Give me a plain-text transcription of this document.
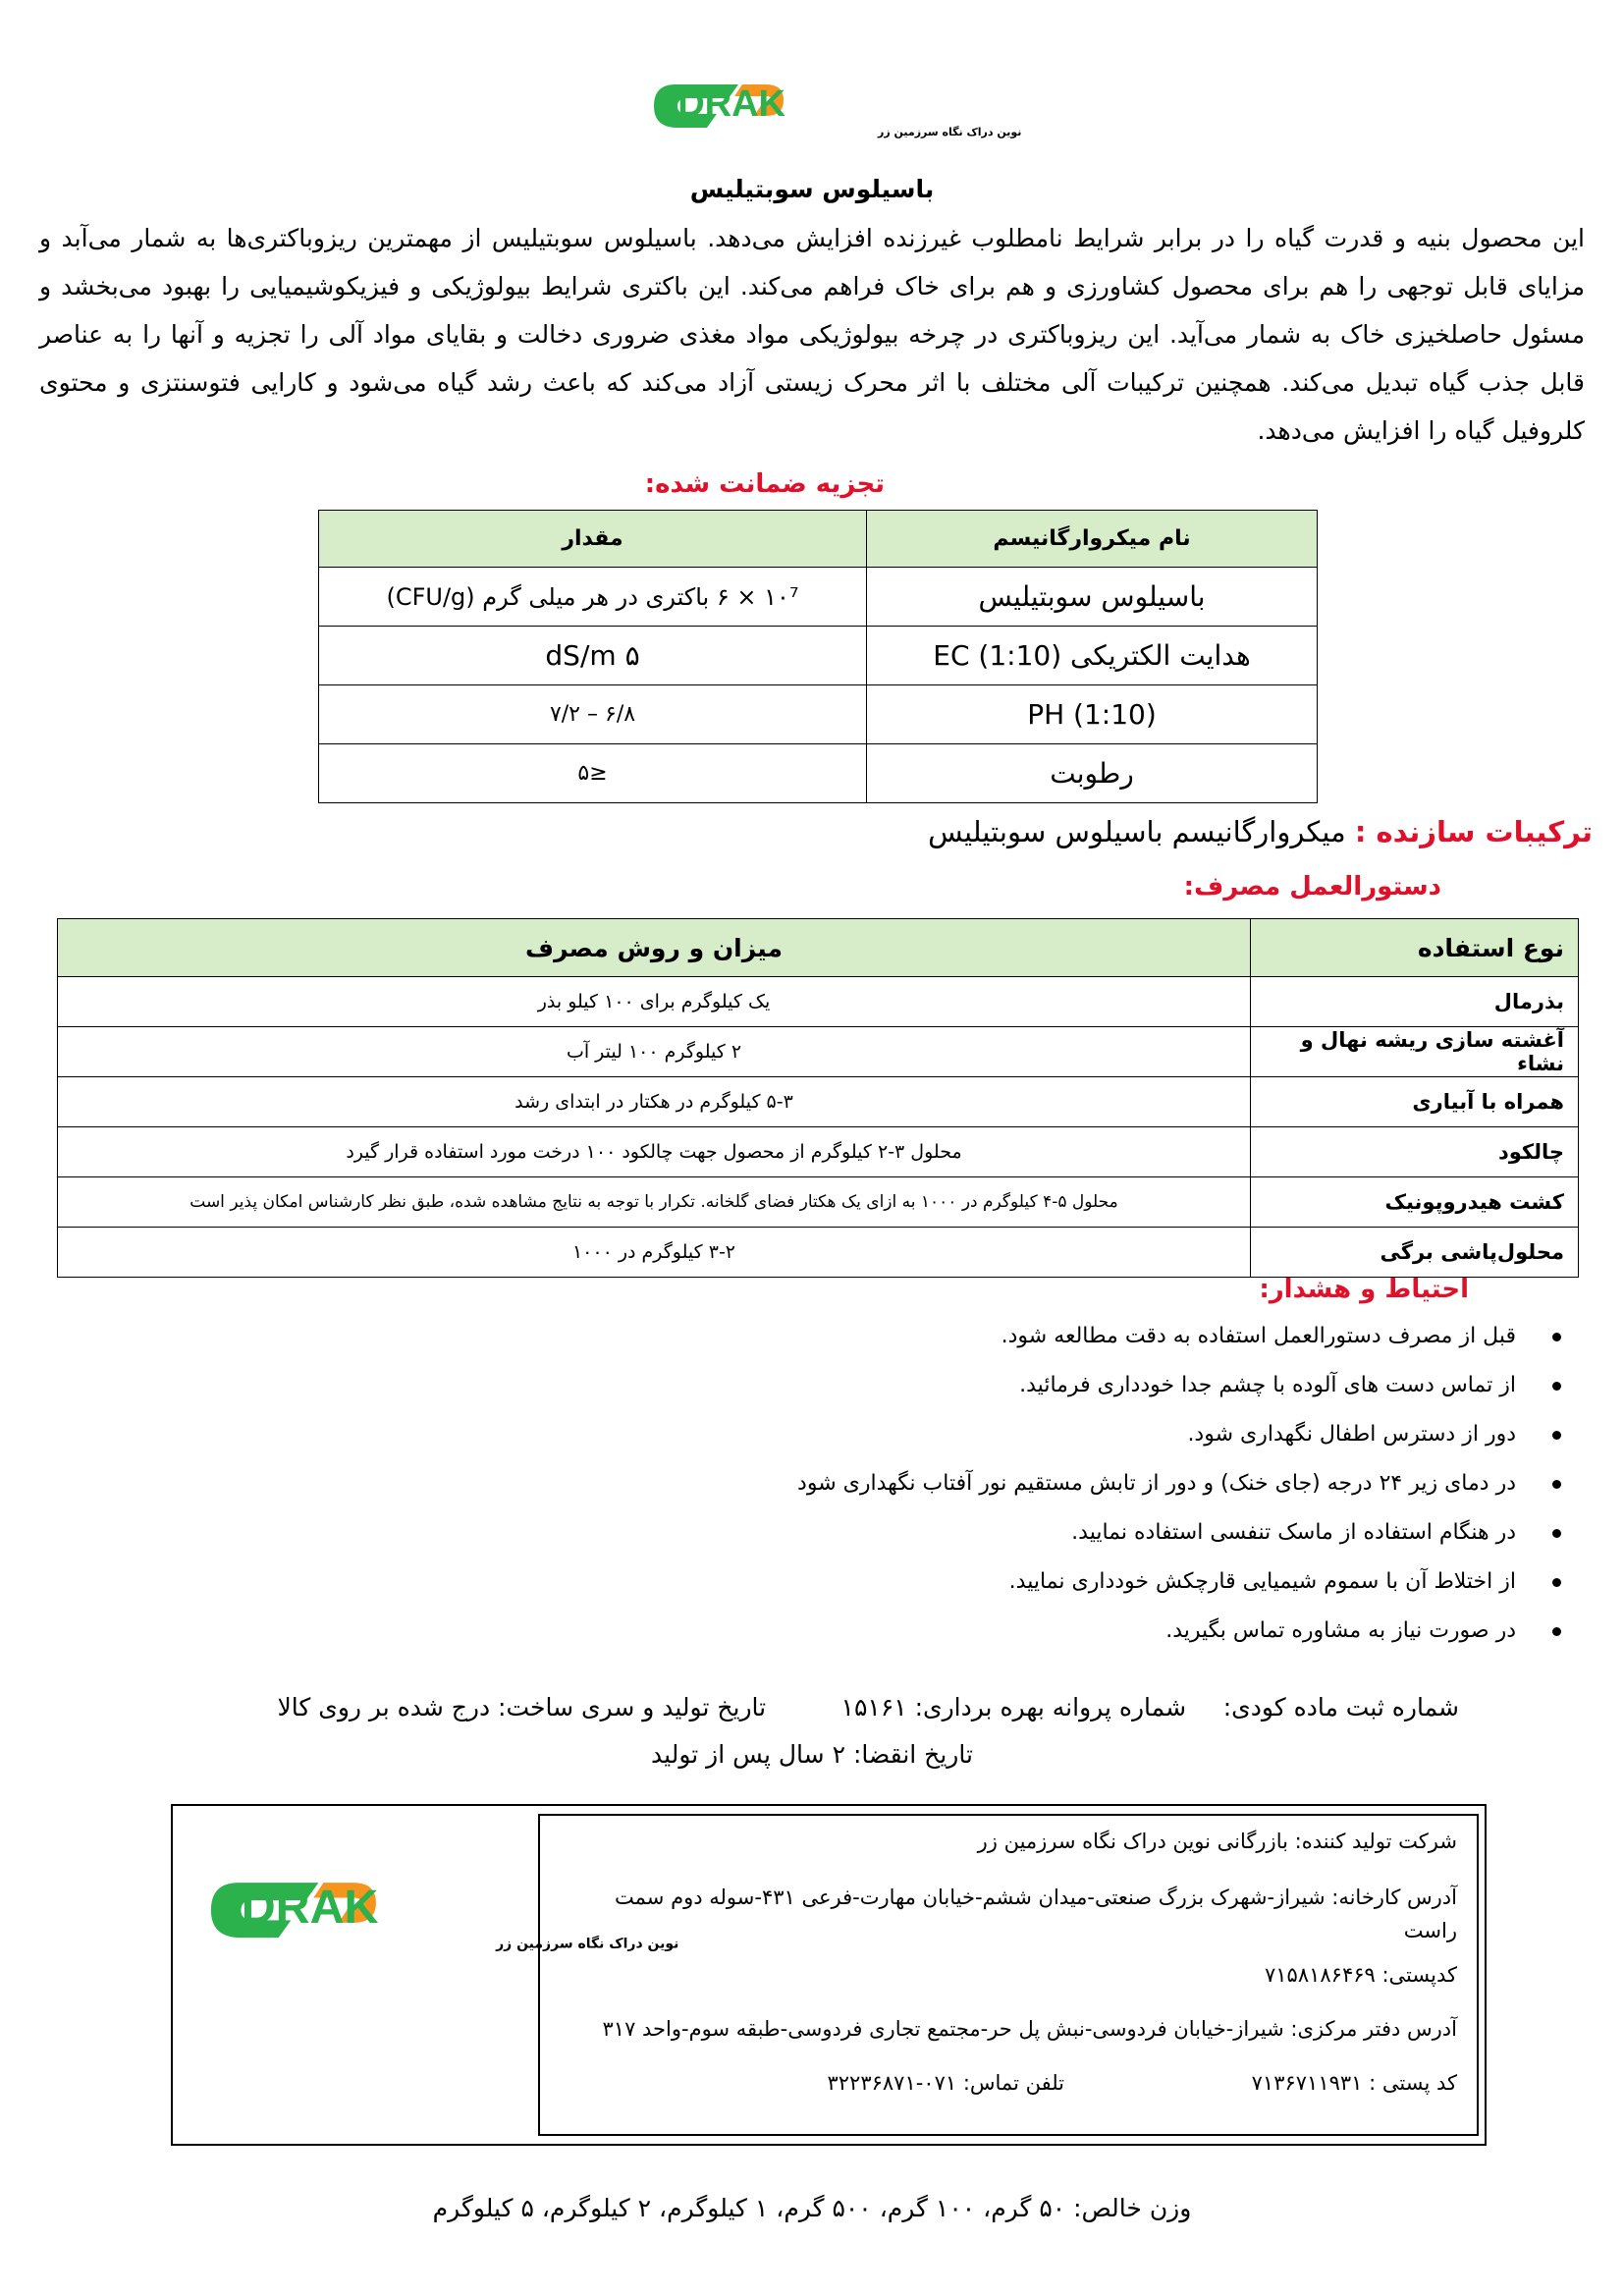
DRAK
نوین دراک نگاه سرزمین زر
باسیلوس سوبتیلیس
این محصول بنیه و قدرت گیاه را در برابر شرایط نامطلوب غیرزنده افزایش می‌دهد. باسیلوس سوبتیلیس از مهمترین ریزوباکتری‌ها به شمار می‌آبد و مزایای قابل توجهی را هم برای محصول کشاورزی و هم برای خاک فراهم می‌کند. این باکتری شرایط بیولوژیکی و فیزیکوشیمیایی را بهبود می‌بخشد و مسئول حاصلخیزی خاک به شمار می‌آید. این ریزوباکتری در چرخه بیولوژیکی مواد مغذی ضروری دخالت و بقایای مواد آلی را تجزیه و آنها را به عناصر قابل جذب گیاه تبدیل می‌کند. همچنین ترکیبات آلی مختلف با اثر محرک زیستی آزاد می‌کند که باعث رشد گیاه می‌شود و کارایی فتوسنتزی و محتوی کلروفیل گیاه را افزایش می‌دهد.
تجزیه ضمانت شده:
نام میکروارگانیسم	مقدار
باسیلوس سوبتیلیس	۱۰⁷ × ۶ باکتری در هر میلی گرم (CFU/g)
هدایت الکتریکی (1:10) EC	۵ dS/m
PH (1:10)	۶/۸ – ۷/۲
رطوبت	≤۵
ترکیبات سازنده : میکروارگانیسم باسیلوس سوبتیلیس
دستورالعمل مصرف:
نوع استفاده	میزان و روش مصرف
بذرمال	یک کیلوگرم برای ۱۰۰ کیلو بذر
آغشته سازی ریشه نهال و نشاء	۲ کیلوگرم ۱۰۰ لیتر آب
همراه با آبیاری	۵-۳ کیلوگرم در هکتار در ابتدای رشد
چالکود	محلول ۳-۲ کیلوگرم از محصول جهت چالکود ۱۰۰ درخت مورد استفاده قرار گیرد
کشت هیدروپونیک	محلول ۵-۴ کیلوگرم در ۱۰۰۰ به ازای یک هکتار فضای گلخانه. تکرار با توجه به نتایج مشاهده شده، طبق نظر کارشناس امکان پذیر است
محلول‌پاشی برگی	۳-۲ کیلوگرم در ۱۰۰۰
احتیاط و هشدار:
قبل از مصرف دستورالعمل استفاده به دقت مطالعه شود.
از تماس دست های آلوده با چشم جدا خودداری فرمائید.
دور از دسترس اطفال نگهداری شود.
در دمای زیر ۲۴ درجه (جای خنک) و دور از تابش مستقیم نور آفتاب نگهداری شود
در هنگام استفاده از ماسک تنفسی استفاده نمایید.
از اختلاط آن با سموم شیمیایی قارچکش خودداری نمایید.
در صورت نیاز به مشاوره تماس بگیرید.
شماره ثبت ماده کودی: شماره پروانه بهره برداری: ۱۵۱۶۱ تاریخ تولید و سری ساخت: درج شده بر روی کالا
تاریخ انقضا: ۲ سال پس از تولید
DRAK
نوین دراک نگاه سرزمین زر
شرکت تولید کننده: بازرگانی نوین دراک نگاه سرزمین زر
آدرس کارخانه: شیراز-شهرک بزرگ صنعتی-میدان ششم-خیابان مهارت-فرعی ۴۳۱-سوله دوم سمت راست
کدپستی: ۷۱۵۸۱۸۶۴۶۹
آدرس دفتر مرکزی: شیراز-خیابان فردوسی-نبش پل حر-مجتمع تجاری فردوسی-طبقه سوم-واحد ۳۱۷
کد پستی : ۷۱۳۶۷۱۱۹۳۱
تلفن تماس: ۰۷۱-۳۲۲۳۶۸۷۱
وزن خالص: ۵۰ گرم، ۱۰۰ گرم، ۵۰۰ گرم، ۱ کیلوگرم، ۲ کیلوگرم، ۵ کیلوگرم
